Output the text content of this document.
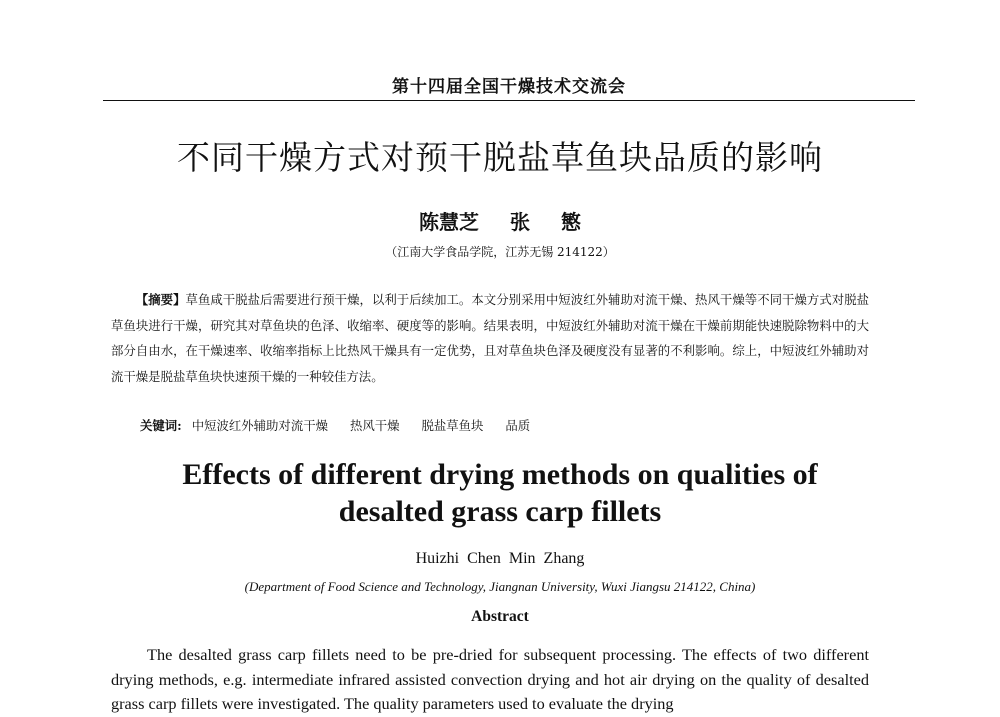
第十四届全国干燥技术交流会
不同干燥方式对预干脱盐草鱼块品质的影响
陈慧芝 张 慜
（江南大学食品学院，江苏无锡 214122）
【摘要】草鱼咸干脱盐后需要进行预干燥，以利于后续加工。本文分别采用中短波红外辅助对流干燥、热风干燥等不同干燥方式对脱盐草鱼块进行干燥，研究其对草鱼块的色泽、收缩率、硬度等的影响。结果表明，中短波红外辅助对流干燥在干燥前期能快速脱除物料中的大部分自由水，在干燥速率、收缩率指标上比热风干燥具有一定优势，且对草鱼块色泽及硬度没有显著的不利影响。综上，中短波红外辅助对流干燥是脱盐草鱼块快速预干燥的一种较佳方法。
关键词: 中短波红外辅助对流干燥 热风干燥 脱盐草鱼块 品质
Effects of different drying methods on qualities of
desalted grass carp fillets
Huizhi Chen Min Zhang
(Department of Food Science and Technology, Jiangnan University, Wuxi Jiangsu 214122, China)
Abstract
The desalted grass carp fillets need to be pre-dried for subsequent processing. The effects of two different drying methods, e.g. intermediate infrared assisted convection drying and hot air drying on the quality of desalted grass carp fillets were investigated. The quality parameters used to evaluate the drying
